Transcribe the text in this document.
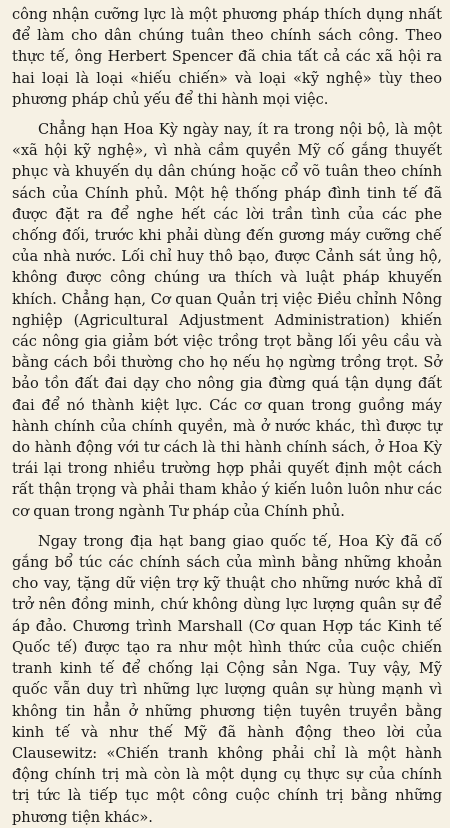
công nhận cưỡng lực là một phương pháp thích dụng nhất để làm cho dân chúng tuân theo chính sách công. Theo thực tế, ông Herbert Spencer đã chia tất cả các xã hội ra hai loại là loại «hiếu chiến» và loại «kỹ nghệ» tùy theo phương pháp chủ yếu để thi hành mọi việc.

Chẳng hạn Hoa Kỳ ngày nay, ít ra trong nội bộ, là một «xã hội kỹ nghệ», vì nhà cầm quyền Mỹ cố gắng thuyết phục và khuyến dụ dân chúng hoặc cổ võ tuân theo chính sách của Chính phủ. Một hệ thống pháp đình tinh tế đã được đặt ra để nghe hết các lời trần tình của các phe chống đối, trước khi phải dùng đến gương máy cưỡng chế của nhà nước. Lối chỉ huy thô bạo, được Cảnh sát ủng hộ, không được công chúng ưa thích và luật pháp khuyến khích. Chẳng hạn, Cơ quan Quản trị việc Điều chỉnh Nông nghiệp (Agricultural Adjustment Administration) khiến các nông gia giảm bớt việc trồng trọt bằng lối yêu cầu và bằng cách bồi thường cho họ nếu họ ngừng trồng trọt. Sở bảo tồn đất đai dạy cho nông gia đừng quá tận dụng đất đai để nó thành kiệt lực. Các cơ quan trong guồng máy hành chính của chính quyền, mà ở nước khác, thì được tự do hành động với tư cách là thi hành chính sách, ở Hoa Kỳ trái lại trong nhiều trường hợp phải quyết định một cách rất thận trọng và phải tham khảo ý kiến luôn luôn như các cơ quan trong ngành Tư pháp của Chính phủ.

Ngay trong địa hạt bang giao quốc tế, Hoa Kỳ đã cố gắng bổ túc các chính sách của mình bằng những khoản cho vay, tặng dữ viện trợ kỹ thuật cho những nước khả dĩ trở nên đồng minh, chứ không dùng lực lượng quân sự để áp đảo. Chương trình Marshall (Cơ quan Hợp tác Kinh tế Quốc tế) được tạo ra như một hình thức của cuộc chiến tranh kinh tế để chống lại Cộng sản Nga. Tuy vậy, Mỹ quốc vẫn duy trì những lực lượng quân sự hùng mạnh vì không tin hẳn ở những phương tiện tuyên truyền bằng kinh tế và như thế Mỹ đã hành động theo lời của Clausewitz: «Chiến tranh không phải chỉ là một hành động chính trị mà còn là một dụng cụ thực sự của chính trị tức là tiếp tục một công cuộc chính trị bằng những phương tiện khác».
